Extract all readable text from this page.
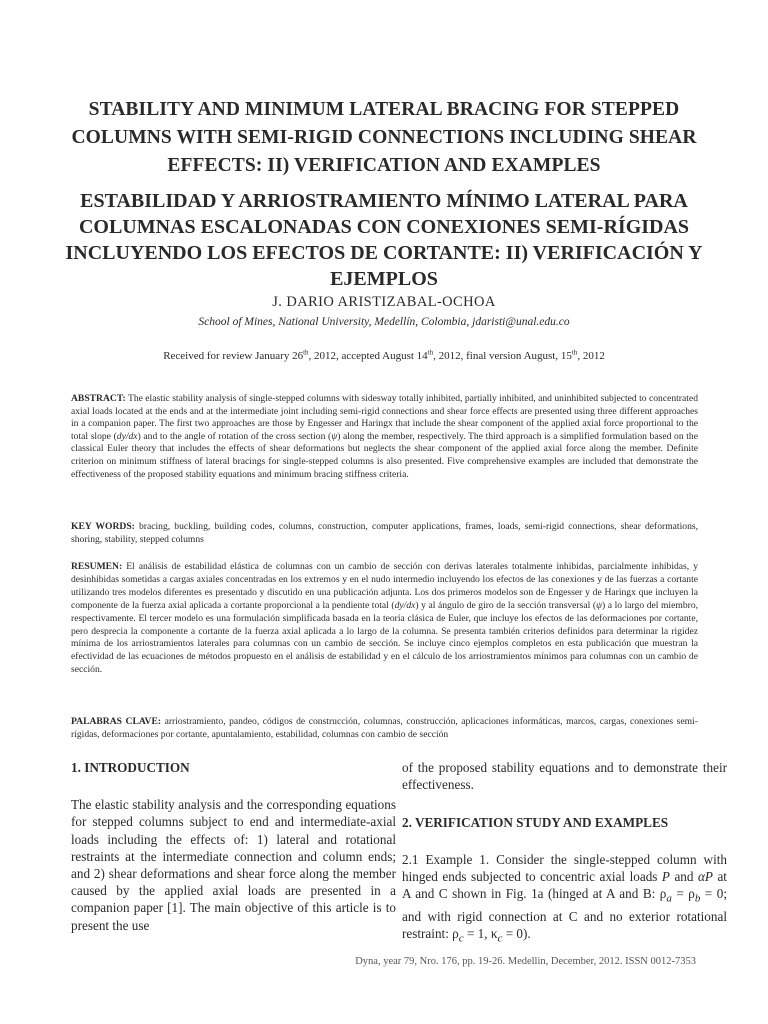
STABILITY AND MINIMUM LATERAL BRACING FOR STEPPED COLUMNS WITH SEMI-RIGID CONNECTIONS INCLUDING SHEAR EFFECTS: II) VERIFICATION AND EXAMPLES
ESTABILIDAD Y ARRIOSTRAMIENTO MÍNIMO LATERAL PARA COLUMNAS ESCALONADAS CON CONEXIONES SEMI-RÍGIDAS INCLUYENDO LOS EFECTOS DE CORTANTE: II) VERIFICACIÓN Y EJEMPLOS
J. DARIO ARISTIZABAL-OCHOA
School of Mines, National University, Medellín, Colombia, jdaristi@unal.edu.co
Received for review January 26th, 2012, accepted August 14th, 2012, final version August, 15th, 2012

ABSTRACT: The elastic stability analysis of single-stepped columns with sidesway totally inhibited, partially inhibited, and uninhibited subjected to concentrated axial loads located at the ends and at the intermediate joint including semi-rigid connections and shear force effects are presented using three different approaches in a companion paper. The first two approaches are those by Engesser and Haringx that include the shear component of the applied axial force proportional to the total slope (dy/dx) and to the angle of rotation of the cross section (ψ) along the member, respectively. The third approach is a simplified formulation based on the classical Euler theory that includes the effects of shear deformations but neglects the shear component of the applied axial force along the member. Definite criterion on minimum stiffness of lateral bracings for single-stepped columns is also presented. Five comprehensive examples are included that demonstrate the effectiveness of the proposed stability equations and minimum bracing stiffness criteria.

KEY WORDS: bracing, buckling, building codes, columns, construction, computer applications, frames, loads, semi-rigid connections, shear deformations, shoring, stability, stepped columns

RESUMEN: El análisis de estabilidad elástica de columnas con un cambio de sección con derivas laterales totalmente inhibidas, parcialmente inhibidas, y desinhibidas sometidas a cargas axiales concentradas en los extremos y en el nudo intermedio incluyendo los efectos de las conexiones y de las fuerzas a cortante utilizando tres modelos diferentes es presentado y discutido en una publicación adjunta. Los dos primeros modelos son de Engesser y de Haringx que incluyen la componente de la fuerza axial aplicada a cortante proporcional a la pendiente total (dy/dx) y al ángulo de giro de la sección transversal (ψ) a lo largo del miembro, respectivamente. El tercer modelo es una formulación simplificada basada en la teoría clásica de Euler, que incluye los efectos de las deformaciones por cortante, pero desprecia la componente a cortante de la fuerza axial aplicada a lo largo de la columna. Se presenta también criterios definidos para determinar la rigidez mínima de los arriostramientos laterales para columnas con un cambio de sección. Se incluye cinco ejemplos completos en esta publicación que muestran la efectividad de las ecuaciones de métodos propuesto en el análisis de estabilidad y en el cálculo de los arriostramientos mínimos para columnas con un cambio de sección.

PALABRAS CLAVE: arriostramiento, pandeo, códigos de construcción, columnas, construcción, aplicaciones informáticas, marcos, cargas, conexiones semi-rígidas, deformaciones por cortante, apuntalamiento, estabilidad, columnas con cambio de sección

1. INTRODUCTION

The elastic stability analysis and the corresponding equations for stepped columns subject to end and intermediate-axial loads including the effects of: 1) lateral and rotational restraints at the intermediate connection and column ends; and 2) shear deformations and shear force along the member caused by the applied axial loads are presented in a companion paper [1]. The main objective of this article is to present the use

of the proposed stability equations and to demonstrate their effectiveness.

2. VERIFICATION STUDY AND EXAMPLES

2.1 Example 1. Consider the single-stepped column with hinged ends subjected to concentric axial loads P and αP at A and C shown in Fig. 1a (hinged at A and B: $\rho_a = \rho_b = 0$; and with rigid connection at C and no exterior rotational restraint: $\rho_c = 1$, $\kappa_c = 0$).

Dyna, year 79, Nro. 176, pp. 19-26. Medellin, December, 2012. ISSN 0012-7353
